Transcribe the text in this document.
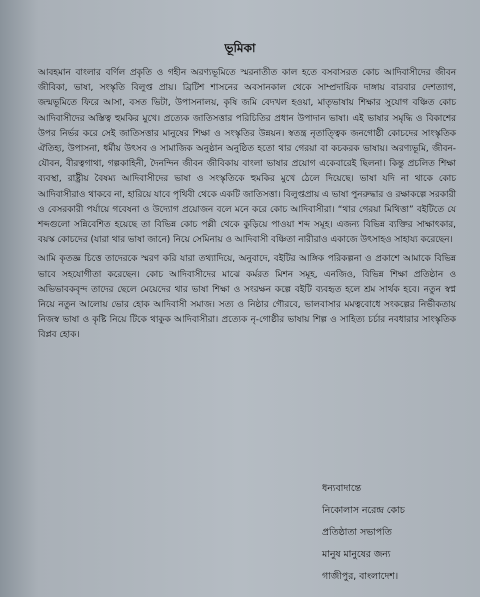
ভূমিকা

আবহমান বাংলার বর্ণিল প্রকৃতি ও গহীন অরণ্যভূমিতে স্মরনাতীত কাল হতে বসবাসরত কোচ আদিবাসীদের জীবন জীবিকা, ভাষা, সংস্কৃতি বিলুপ্ত প্রায়। ব্রিটিশ শাসনের অবসানকাল থেকে সাম্প্রদায়িক দাঙ্গায় বারবার দেশত্যাগ, জন্মভূমিতে ফিরে আসা, বসত ভিটা, উপাসনালয়, কৃষি জমি বেদখল হওয়া, মাতৃভাষায় শিক্ষার সুযোগ বঞ্চিত কোচ আদিবাসীদের অস্তিত্ব হুমকির মুখে। প্রত্যেক জাতিসত্তার পরিচিতির প্রধান উপাদান ভাষা। এই ভাষার সমৃদ্ধি ও বিকাশের উপর নির্ভর করে সেই জাতিসত্তার মানুষের শিক্ষা ও সংস্কৃতির উন্নয়ন। স্বতন্ত্র নৃতাত্ত্বিক জনগোষ্ঠী কোচদের সাংস্কৃতিক ঐতিহ্য, উপাসনা, ধর্মীয় উৎসব ও সামাজিক অনুষ্ঠান অনুষ্ঠিত হতো থার গেরয়া বা কচকরক ভাষায়। অরণ্যভূমি, জীবন-যৌবন, বীরত্বগাথা, গল্পকাহিনী, দৈনন্দিন জীবন জীবিকায় বাংলা ভাষার প্রয়োগ একেবারেই ছিলনা। কিন্তু প্রচলিত শিক্ষা ব্যবস্থা, রাষ্ট্রীয় বৈষম্য আদিবাসীদের ভাষা ও সংস্কৃতিকে হুমকির মুখে ঠেলে দিয়েছে। ভাষা যদি না থাকে কোচ আদিবাসীরাও থাকবে না, হারিয়ে যাবে পৃথিবী থেকে একটি জাতিসত্তা। বিলুপ্তপ্রায় এ ভাষা পুনরুদ্ধার ও রক্ষাকল্পে সরকারী ও বেসরকারী পর্যায়ে গবেষনা ও উদ্যোগ প্রয়োজন বলে মনে করে কোচ আদিবাসীরা। “থার গেরয়া মিথিত্তা” বইটিতে যে শব্দগুলো সন্নিবেশিত হয়েছে তা বিভিন্ন কোচ পল্লী থেকে কুড়িয়ে পাওয়া শব্দ সমূহ। এজন্য বিভিন্ন ব্যক্তির সাক্ষাৎকার, বয়স্ক কোচদের (যারা থার ভাষা জানে) নিয়ে সেমিনায় ও আদিবাসী বঞ্চিতা নারীরাও একাজে উৎসাহও সাহায্য করেছেন।

আমি কৃতজ্ঞ চিত্তে তাদেরকে স্মরণ করি যারা তথ্যাদিয়ে, অনুবাদে, বইটির আঙ্গিক পরিকল্পনা ও প্রকাশে আমাকে বিভিন্ন ভাবে সহযোগীতা করেছেন। কোচ আদিবাসীদের মাঝে কর্মরত মিশন সমূহ, এনজিও, বিভিন্ন শিক্ষা প্রতিষ্ঠান ও অভিভাবকবৃন্দ তাদের ছেলে মেয়েদের থার ভাষা শিক্ষা ও সংরক্ষন কল্পে বইটি ব্যবহৃত হলে শ্রম সার্থক হবে। নতুন স্বপ্ন নিয়ে নতুন আলোয় ভোর হোক আদিবাসী সমাজ। সত্য ও নিষ্ঠার গৌরবে, ভালবাসার মমত্ববোধে সংকল্পের নির্ভীকতায় নিজস্ব ভাষা ও কৃষ্টি নিয়ে টিকে থাকুক আদিবাসীরা। প্রত্যেক নৃ-গোষ্ঠীর ভাষায় শিল্প ও সাহিত্য চর্চার নবধারার সাংস্কৃতিক বিপ্লব হোক।

ধন্যবাদান্তে
নিকোলাস নরেন্দ্র কোচ
প্রতিষ্ঠাতা সভাপতি
মানুষ মানুষের জন্য
গাজীপুর, বাংলাদেশ।
